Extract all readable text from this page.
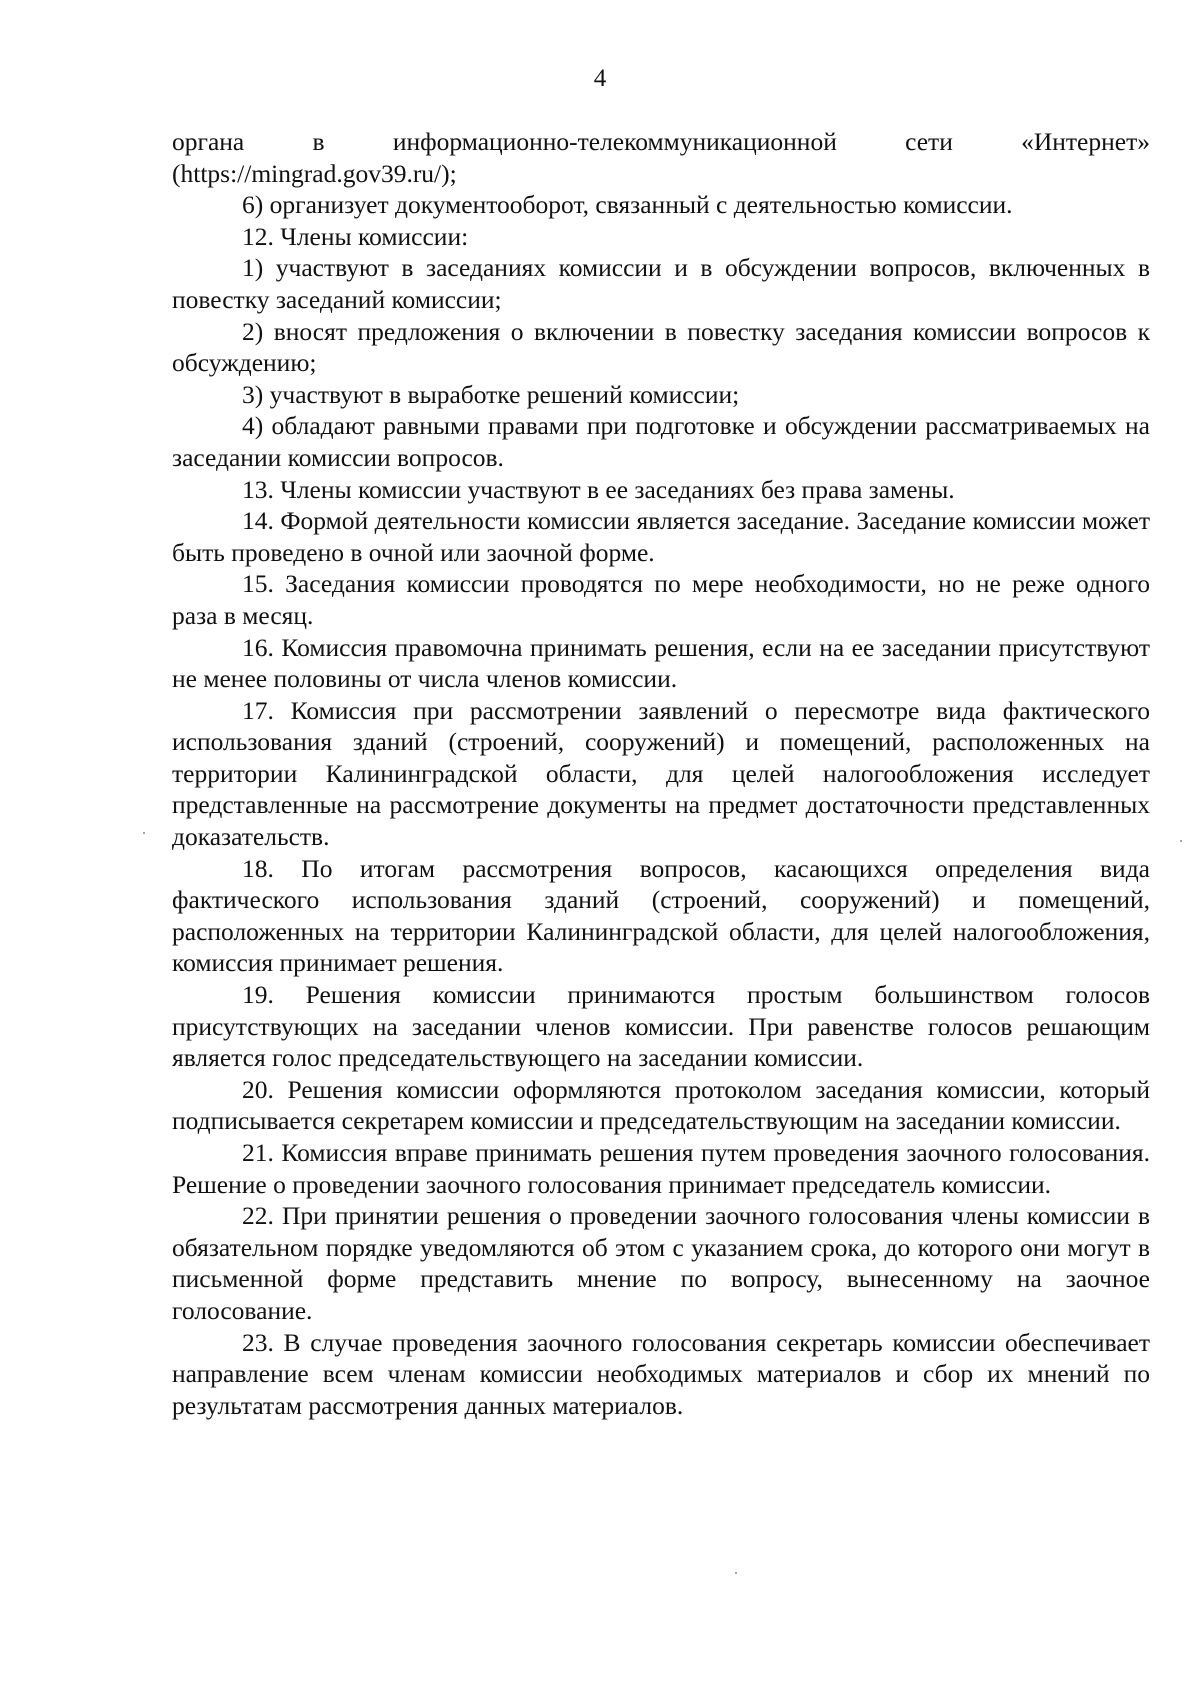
4

органа в информационно-телекоммуникационной сети «Интернет» (https://mingrad.gov39.ru/);

6) организует документооборот, связанный с деятельностью комиссии.

12. Члены комиссии:

1) участвуют в заседаниях комиссии и в обсуждении вопросов, включенных в повестку заседаний комиссии;

2) вносят предложения о включении в повестку заседания комиссии вопросов к обсуждению;

3) участвуют в выработке решений комиссии;

4) обладают равными правами при подготовке и обсуждении рассматриваемых на заседании комиссии вопросов.

13. Члены комиссии участвуют в ее заседаниях без права замены.

14. Формой деятельности комиссии является заседание. Заседание комиссии может быть проведено в очной или заочной форме.

15. Заседания комиссии проводятся по мере необходимости, но не реже одного раза в месяц.

16. Комиссия правомочна принимать решения, если на ее заседании присутствуют не менее половины от числа членов комиссии.

17. Комиссия при рассмотрении заявлений о пересмотре вида фактического использования зданий (строений, сооружений) и помещений, расположенных на территории Калининградской области, для целей налогообложения исследует представленные на рассмотрение документы на предмет достаточности представленных доказательств.

18. По итогам рассмотрения вопросов, касающихся определения вида фактического использования зданий (строений, сооружений) и помещений, расположенных на территории Калининградской области, для целей налогообложения, комиссия принимает решения.

19. Решения комиссии принимаются простым большинством голосов присутствующих на заседании членов комиссии. При равенстве голосов решающим является голос председательствующего на заседании комиссии.

20. Решения комиссии оформляются протоколом заседания комиссии, который подписывается секретарем комиссии и председательствующим на заседании комиссии.

21. Комиссия вправе принимать решения путем проведения заочного голосования. Решение о проведении заочного голосования принимает председатель комиссии.

22. При принятии решения о проведении заочного голосования члены комиссии в обязательном порядке уведомляются об этом с указанием срока, до которого они могут в письменной форме представить мнение по вопросу, вынесенному на заочное голосование.

23. В случае проведения заочного голосования секретарь комиссии обеспечивает направление всем членам комиссии необходимых материалов и сбор их мнений по результатам рассмотрения данных материалов.
